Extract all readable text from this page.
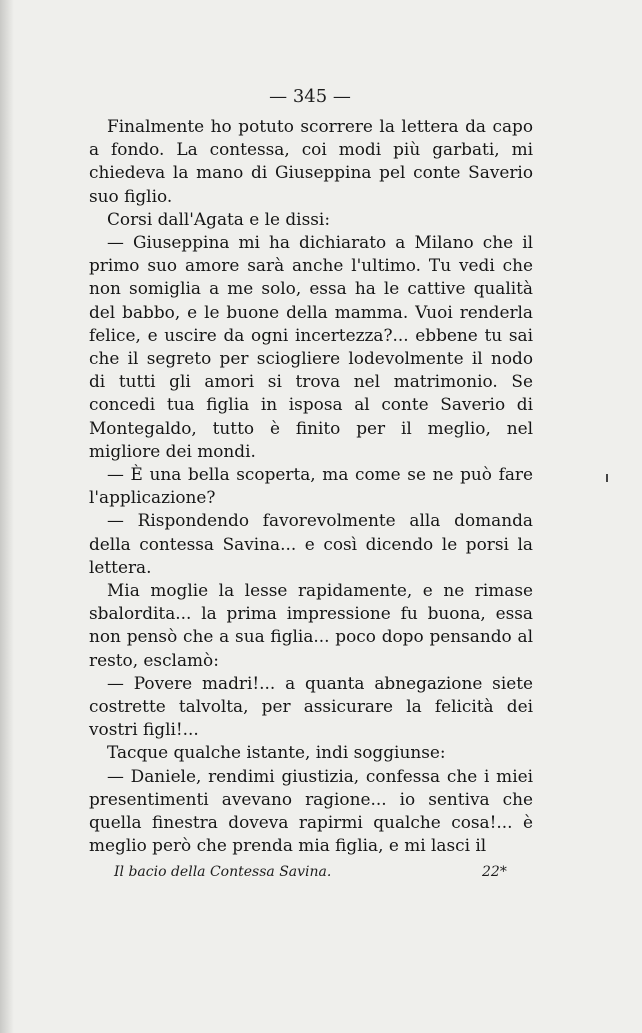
— 345 —

Finalmente ho potuto scorrere la lettera da capo a fondo. La contessa, coi modi più garbati, mi chiedeva la mano di Giuseppina pel conte Saverio suo figlio.

Corsi dall'Agata e le dissi:

— Giuseppina mi ha dichiarato a Milano che il primo suo amore sarà anche l'ultimo. Tu vedi che non somiglia a me solo, essa ha le cattive qualità del babbo, e le buone della mamma. Vuoi renderla felice, e uscire da ogni incertezza?... ebbene tu sai che il segreto per sciogliere lodevolmente il nodo di tutti gli amori si trova nel matrimonio. Se concedi tua figlia in isposa al conte Saverio di Montegaldo, tutto è finito per il meglio, nel migliore dei mondi.

— È una bella scoperta, ma come se ne può fare l'applicazione?

— Rispondendo favorevolmente alla domanda della contessa Savina... e così dicendo le porsi la lettera.

Mia moglie la lesse rapidamente, e ne rimase sbalordita... la prima impressione fu buona, essa non pensò che a sua figlia... poco dopo pensando al resto, esclamò:

— Povere madri!... a quanta abnegazione siete costrette talvolta, per assicurare la felicità dei vostri figli!...

Tacque qualche istante, indi soggiunse:

— Daniele, rendimi giustizia, confessa che i miei presentimenti avevano ragione... io sentiva che quella finestra doveva rapirmi qualche cosa!... è meglio però che prenda mia figlia, e mi lasci il

Il bacio della Contessa Savina.	22*
